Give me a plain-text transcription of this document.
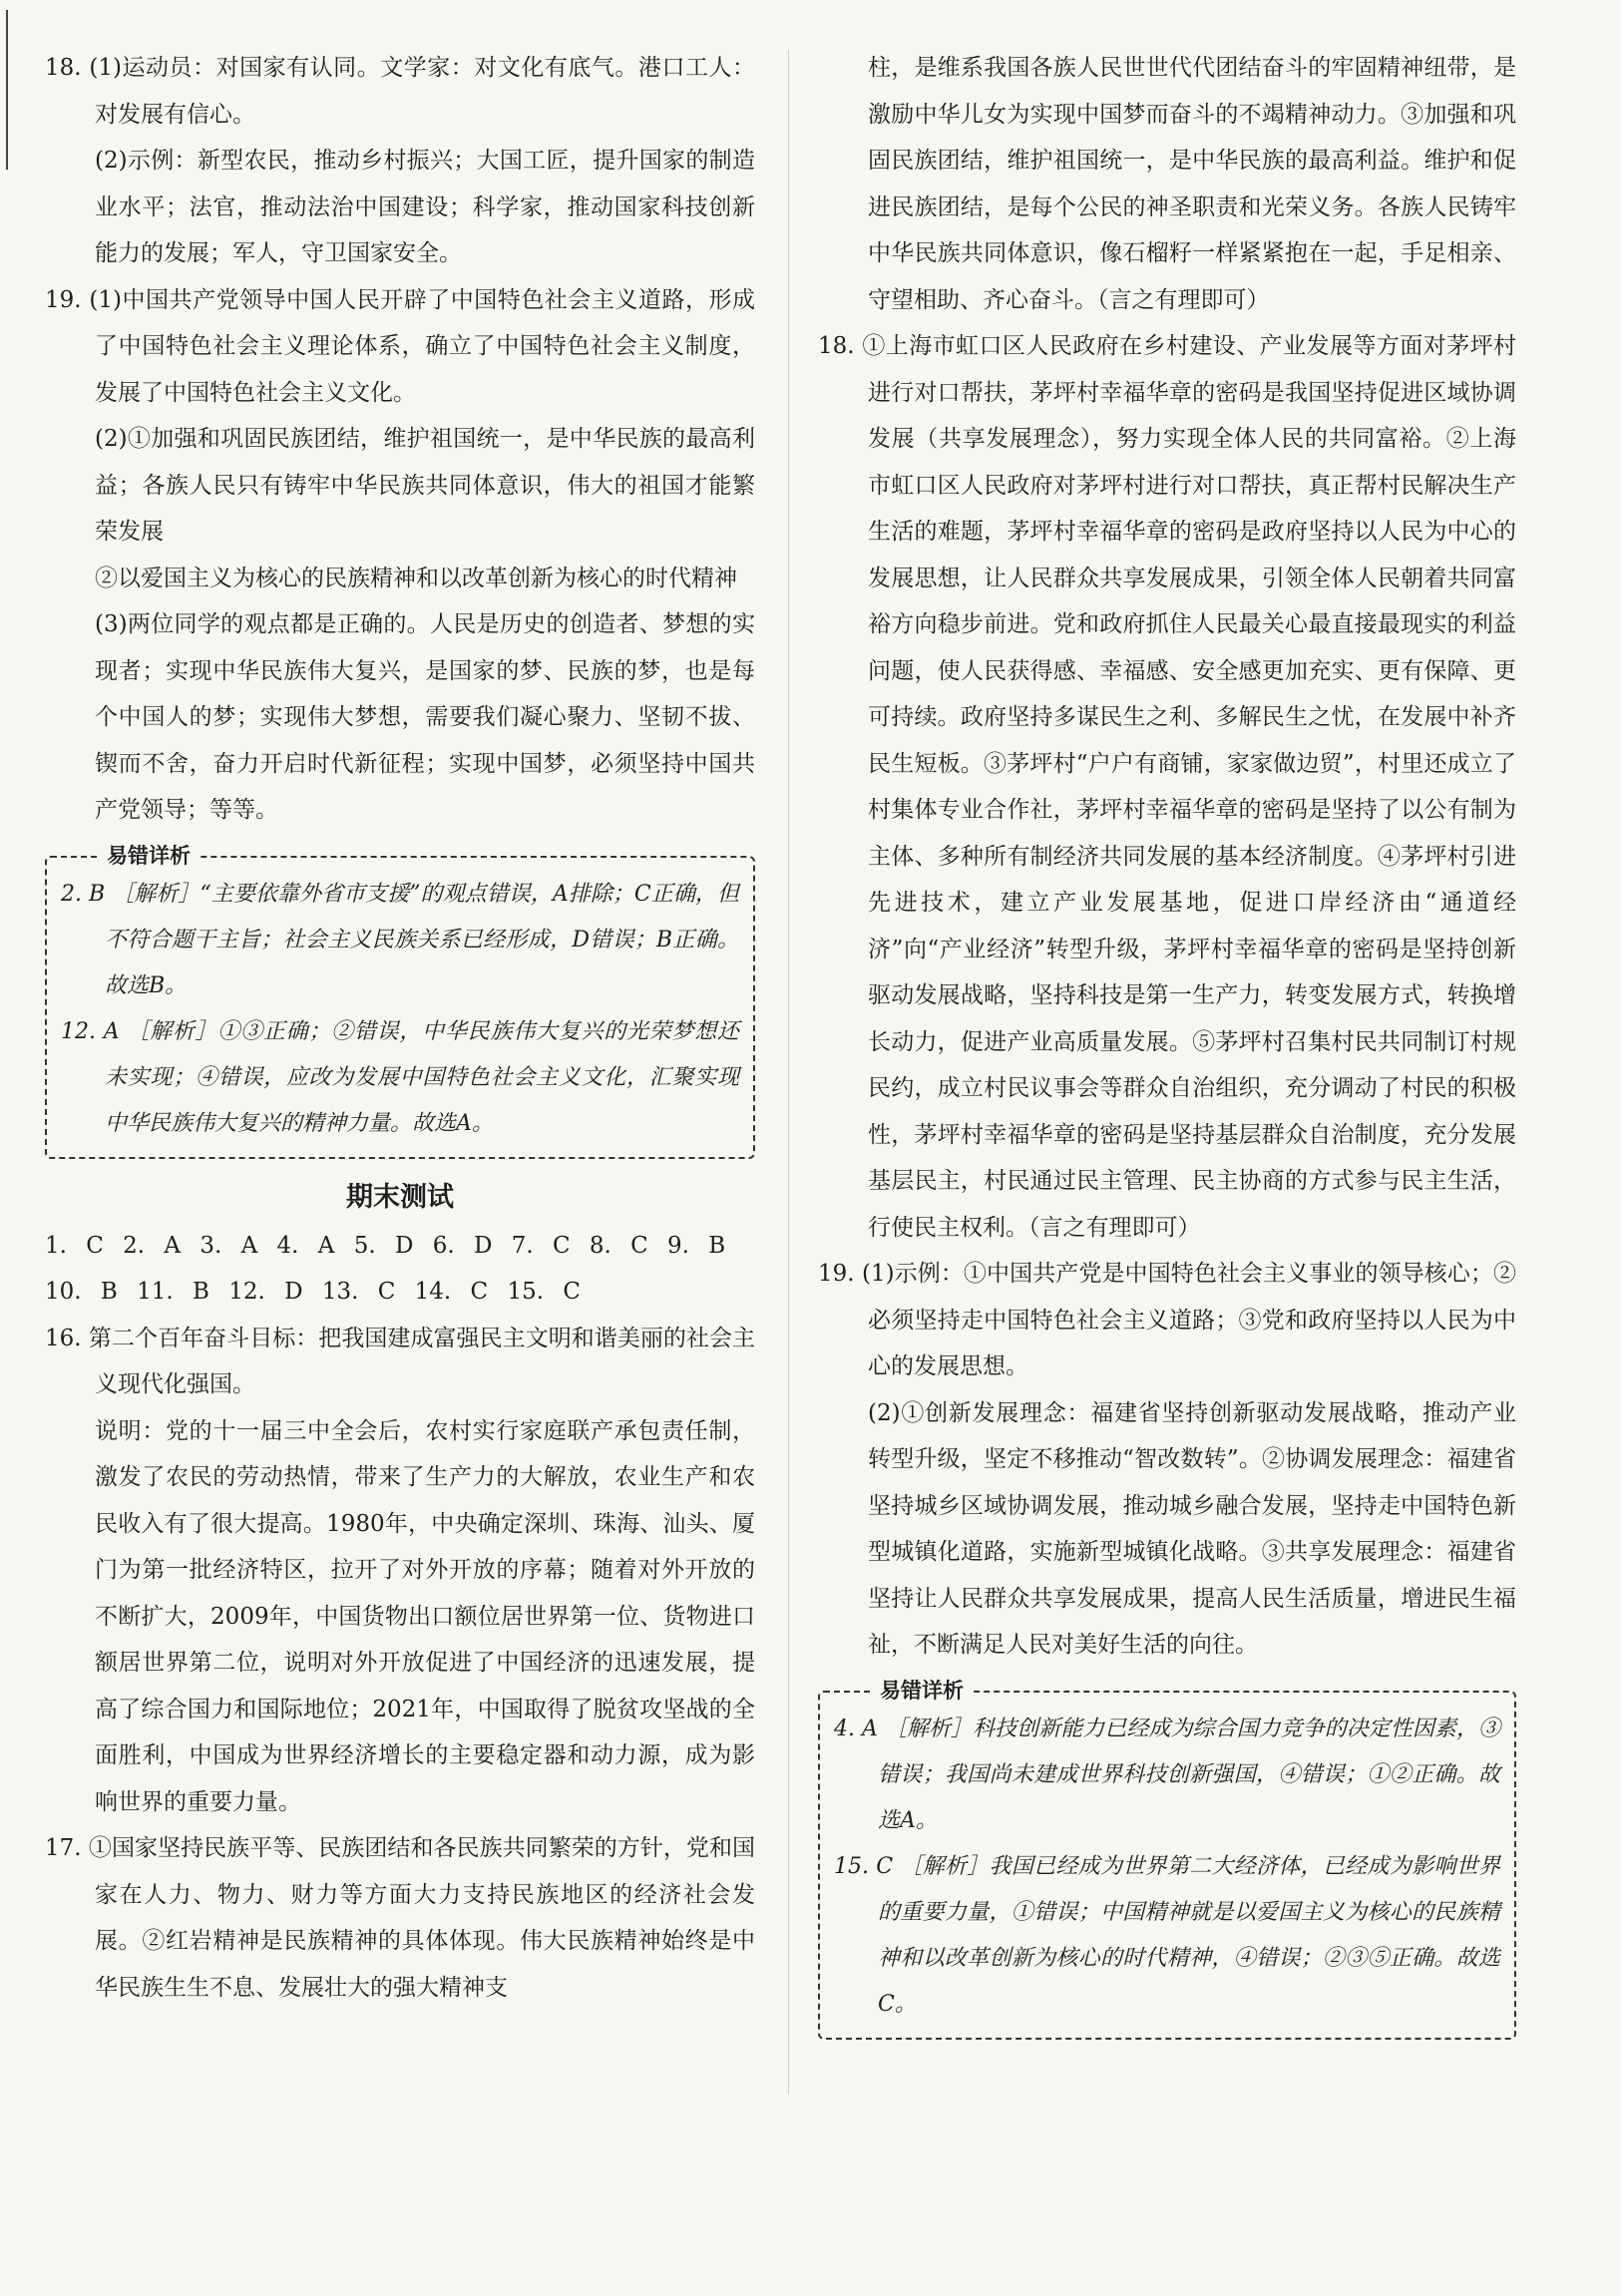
18. (1)运动员：对国家有认同。文学家：对文化有底气。港口工人：对发展有信心。

(2)示例：新型农民，推动乡村振兴；大国工匠，提升国家的制造业水平；法官，推动法治中国建设；科学家，推动国家科技创新能力的发展；军人，守卫国家安全。

19. (1)中国共产党领导中国人民开辟了中国特色社会主义道路，形成了中国特色社会主义理论体系，确立了中国特色社会主义制度，发展了中国特色社会主义文化。

(2)①加强和巩固民族团结，维护祖国统一，是中华民族的最高利益；各族人民只有铸牢中华民族共同体意识，伟大的祖国才能繁荣发展

②以爱国主义为核心的民族精神和以改革创新为核心的时代精神

(3)两位同学的观点都是正确的。人民是历史的创造者、梦想的实现者；实现中华民族伟大复兴，是国家的梦、民族的梦，也是每个中国人的梦；实现伟大梦想，需要我们凝心聚力、坚韧不拔、锲而不舍，奋力开启时代新征程；实现中国梦，必须坚持中国共产党领导；等等。

易错详析

2. B ［解析］“主要依靠外省市支援”的观点错误，A排除；C正确，但不符合题干主旨；社会主义民族关系已经形成，D错误；B正确。故选B。

12. A ［解析］①③正确；②错误，中华民族伟大复兴的光荣梦想还未实现；④错误，应改为发展中国特色社会主义文化，汇聚实现中华民族伟大复兴的精神力量。故选A。

期末测试

1. C 2. A 3. A 4. A 5. D 6. D 7. C 8. C 9. B

10. B 11. B 12. D 13. C 14. C 15. C

16. 第二个百年奋斗目标：把我国建成富强民主文明和谐美丽的社会主义现代化强国。

说明：党的十一届三中全会后，农村实行家庭联产承包责任制，激发了农民的劳动热情，带来了生产力的大解放，农业生产和农民收入有了很大提高。1980年，中央确定深圳、珠海、汕头、厦门为第一批经济特区，拉开了对外开放的序幕；随着对外开放的不断扩大，2009年，中国货物出口额位居世界第一位、货物进口额居世界第二位，说明对外开放促进了中国经济的迅速发展，提高了综合国力和国际地位；2021年，中国取得了脱贫攻坚战的全面胜利，中国成为世界经济增长的主要稳定器和动力源，成为影响世界的重要力量。

17. ①国家坚持民族平等、民族团结和各民族共同繁荣的方针，党和国家在人力、物力、财力等方面大力支持民族地区的经济社会发展。②红岩精神是民族精神的具体体现。伟大民族精神始终是中华民族生生不息、发展壮大的强大精神支

柱，是维系我国各族人民世世代代团结奋斗的牢固精神纽带，是激励中华儿女为实现中国梦而奋斗的不竭精神动力。③加强和巩固民族团结，维护祖国统一，是中华民族的最高利益。维护和促进民族团结，是每个公民的神圣职责和光荣义务。各族人民铸牢中华民族共同体意识，像石榴籽一样紧紧抱在一起，手足相亲、守望相助、齐心奋斗。（言之有理即可）

18. ①上海市虹口区人民政府在乡村建设、产业发展等方面对茅坪村进行对口帮扶，茅坪村幸福华章的密码是我国坚持促进区域协调发展（共享发展理念），努力实现全体人民的共同富裕。②上海市虹口区人民政府对茅坪村进行对口帮扶，真正帮村民解决生产生活的难题，茅坪村幸福华章的密码是政府坚持以人民为中心的发展思想，让人民群众共享发展成果，引领全体人民朝着共同富裕方向稳步前进。党和政府抓住人民最关心最直接最现实的利益问题，使人民获得感、幸福感、安全感更加充实、更有保障、更可持续。政府坚持多谋民生之利、多解民生之忧，在发展中补齐民生短板。③茅坪村“户户有商铺，家家做边贸”，村里还成立了村集体专业合作社，茅坪村幸福华章的密码是坚持了以公有制为主体、多种所有制经济共同发展的基本经济制度。④茅坪村引进先进技术，建立产业发展基地，促进口岸经济由“通道经济”向“产业经济”转型升级，茅坪村幸福华章的密码是坚持创新驱动发展战略，坚持科技是第一生产力，转变发展方式，转换增长动力，促进产业高质量发展。⑤茅坪村召集村民共同制订村规民约，成立村民议事会等群众自治组织，充分调动了村民的积极性，茅坪村幸福华章的密码是坚持基层群众自治制度，充分发展基层民主，村民通过民主管理、民主协商的方式参与民主生活，行使民主权利。（言之有理即可）

19. (1)示例：①中国共产党是中国特色社会主义事业的领导核心；②必须坚持走中国特色社会主义道路；③党和政府坚持以人民为中心的发展思想。

(2)①创新发展理念：福建省坚持创新驱动发展战略，推动产业转型升级，坚定不移推动“智改数转”。②协调发展理念：福建省坚持城乡区域协调发展，推动城乡融合发展，坚持走中国特色新型城镇化道路，实施新型城镇化战略。③共享发展理念：福建省坚持让人民群众共享发展成果，提高人民生活质量，增进民生福祉，不断满足人民对美好生活的向往。

易错详析

4. A ［解析］科技创新能力已经成为综合国力竞争的决定性因素，③错误；我国尚未建成世界科技创新强国，④错误；①②正确。故选A。

15. C ［解析］我国已经成为世界第二大经济体，已经成为影响世界的重要力量，①错误；中国精神就是以爱国主义为核心的民族精神和以改革创新为核心的时代精神，④错误；②③⑤正确。故选C。
